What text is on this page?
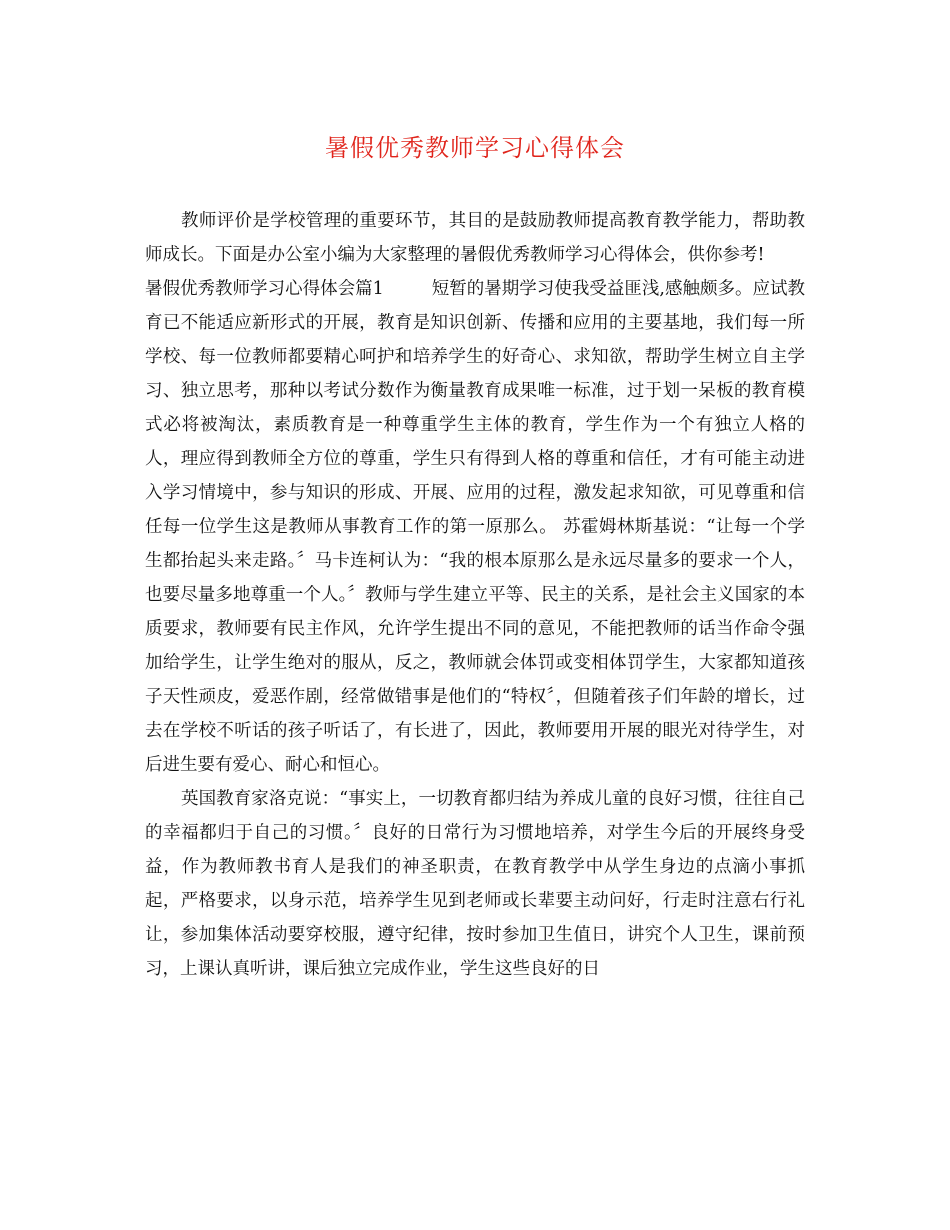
暑假优秀教师学习心得体会

教师评价是学校管理的重要环节，其目的是鼓励教师提高教育教学能力，帮助教师成长。下面是办公室小编为大家整理的暑假优秀教师学习心得体会，供你参考!

暑假优秀教师学习心得体会篇1	短暂的暑期学习使我受益匪浅,感触颇多。应试教育已不能适应新形式的开展，教育是知识创新、传播和应用的主要基地，我们每一所学校、每一位教师都要精心呵护和培养学生的好奇心、求知欲，帮助学生树立自主学习、独立思考，那种以考试分数作为衡量教育成果唯一标准，过于划一呆板的教育模式必将被淘汰，素质教育是一种尊重学生主体的教育，学生作为一个有独立人格的人，理应得到教师全方位的尊重，学生只有得到人格的尊重和信任，才有可能主动进入学习情境中，参与知识的形成、开展、应用的过程，激发起求知欲，可见尊重和信任每一位学生这是教师从事教育工作的第一原那么。 苏霍姆林斯基说：“让每一个学生都抬起头来走路。〞马卡连柯认为：“我的根本原那么是永远尽量多的要求一个人，也要尽量多地尊重一个人。〞教师与学生建立平等、民主的关系，是社会主义国家的本质要求，教师要有民主作风，允许学生提出不同的意见，不能把教师的话当作命令强加给学生，让学生绝对的服从，反之，教师就会体罚或变相体罚学生，大家都知道孩子天性顽皮，爱恶作剧，经常做错事是他们的“特权〞，但随着孩子们年龄的增长，过去在学校不听话的孩子听话了，有长进了，因此，教师要用开展的眼光对待学生，对后进生要有爱心、耐心和恒心。

英国教育家洛克说：“事实上，一切教育都归结为养成儿童的良好习惯，往往自己的幸福都归于自己的习惯。〞良好的日常行为习惯地培养，对学生今后的开展终身受益，作为教师教书育人是我们的神圣职责，在教育教学中从学生身边的点滴小事抓起，严格要求，以身示范，培养学生见到老师或长辈要主动问好，行走时注意右行礼让，参加集体活动要穿校服，遵守纪律，按时参加卫生值日，讲究个人卫生，课前预习，上课认真听讲，课后独立完成作业，学生这些良好的日
